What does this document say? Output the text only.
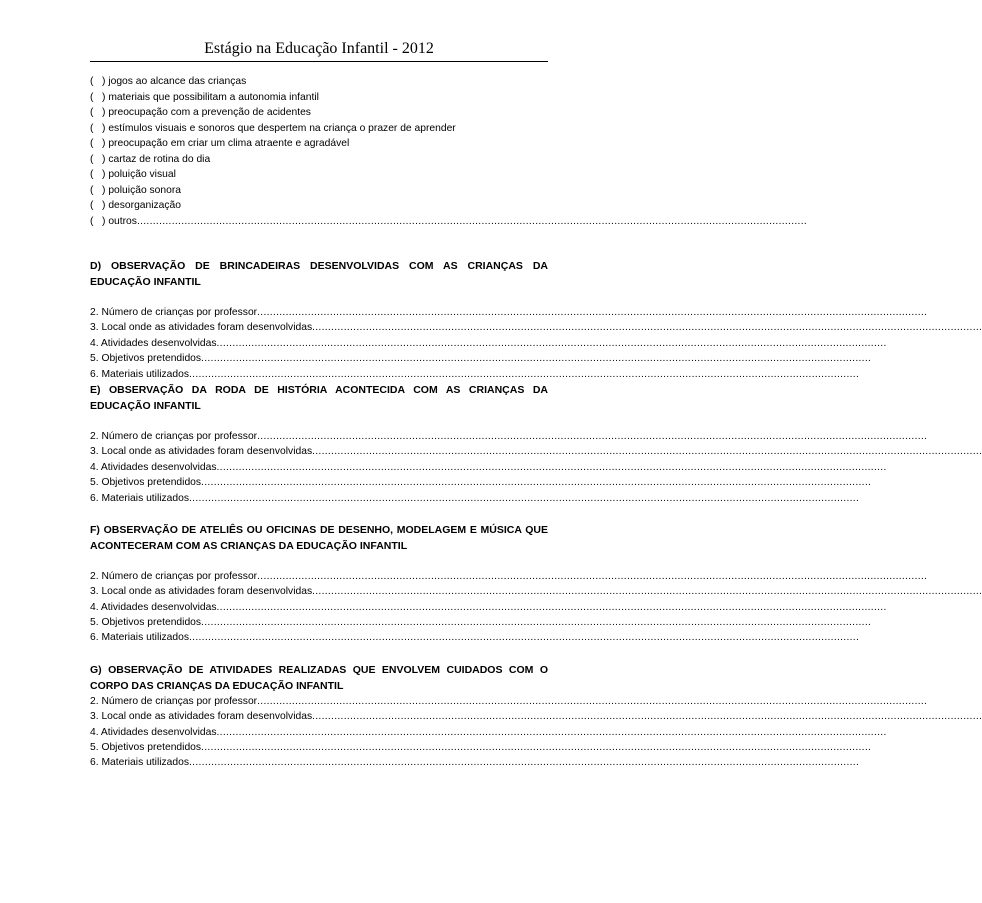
Estágio na Educação Infantil - 2012
( ) jogos ao alcance das crianças
( ) materiais que possibilitam a autonomia infantil
( ) preocupação com a prevenção de acidentes
( ) estímulos visuais e sonoros que despertem na criança o prazer de aprender
( ) preocupação em criar um clima atraente e agradável
( ) cartaz de rotina do dia
( ) poluição visual
( ) poluição sonora
( ) desorganização
( ) outros ....................................................................................................................................................................................................................

D) OBSERVAÇÃO DE BRINCADEIRAS DESENVOLVIDAS COM AS CRIANÇAS DA EDUCAÇÃO INFANTIL

2. Número de crianças por professor ....................................................................................................................................................................................................................
3. Local onde as atividades foram desenvolvidas ....................................................................................................................................................................................................................
4. Atividades desenvolvidas ....................................................................................................................................................................................................................
5. Objetivos pretendidos ....................................................................................................................................................................................................................
6. Materiais utilizados ....................................................................................................................................................................................................................

E) OBSERVAÇÃO DA RODA DE HISTÓRIA ACONTECIDA COM AS CRIANÇAS DA EDUCAÇÃO INFANTIL

2. Número de crianças por professor ....................................................................................................................................................................................................................
3. Local onde as atividades foram desenvolvidas ....................................................................................................................................................................................................................
4. Atividades desenvolvidas ....................................................................................................................................................................................................................
5. Objetivos pretendidos ....................................................................................................................................................................................................................
6. Materiais utilizados ....................................................................................................................................................................................................................

F) OBSERVAÇÃO DE ATELIÊS OU OFICINAS DE DESENHO, MODELAGEM E MÚSICA QUE ACONTECERAM COM AS CRIANÇAS DA EDUCAÇÃO INFANTIL

2. Número de crianças por professor ....................................................................................................................................................................................................................
3. Local onde as atividades foram desenvolvidas ....................................................................................................................................................................................................................
4. Atividades desenvolvidas ....................................................................................................................................................................................................................
5. Objetivos pretendidos ....................................................................................................................................................................................................................
6. Materiais utilizados ....................................................................................................................................................................................................................

G) OBSERVAÇÃO DE ATIVIDADES REALIZADAS QUE ENVOLVEM CUIDADOS COM O CORPO DAS CRIANÇAS DA EDUCAÇÃO INFANTIL

2. Número de crianças por professor ....................................................................................................................................................................................................................
3. Local onde as atividades foram desenvolvidas ....................................................................................................................................................................................................................
4. Atividades desenvolvidas ....................................................................................................................................................................................................................
5. Objetivos pretendidos ....................................................................................................................................................................................................................
6. Materiais utilizados ....................................................................................................................................................................................................................
